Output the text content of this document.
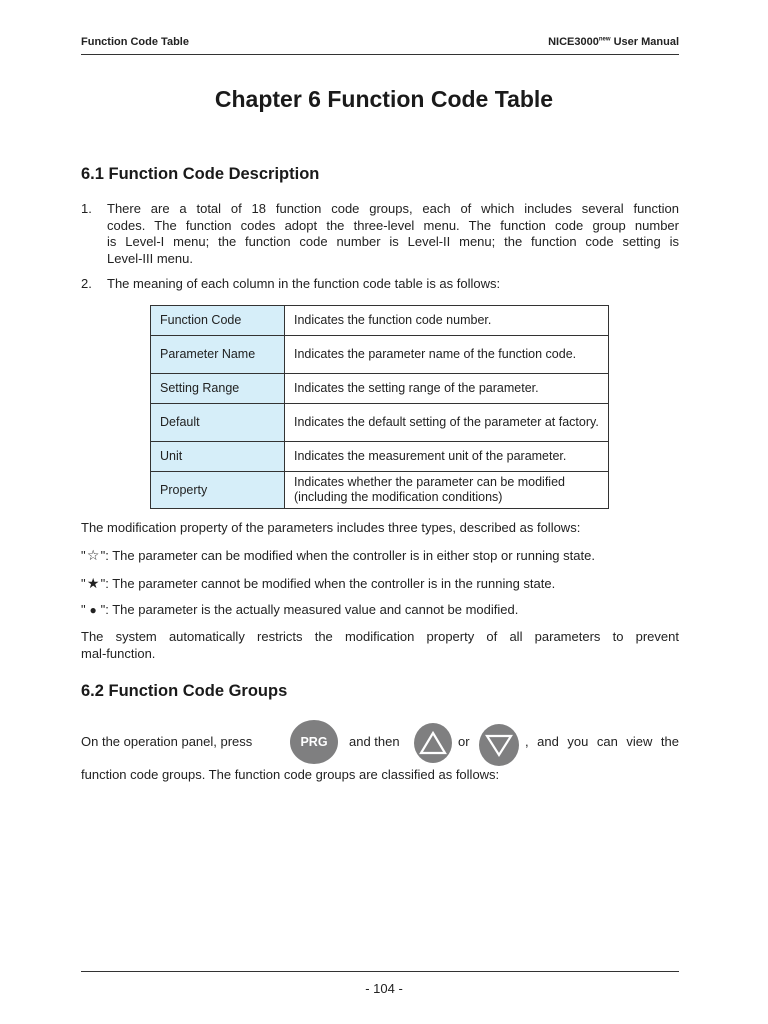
Function Code Table	$NICE3000^{new}$ User Manual
Chapter 6 Function Code Table
6.1 Function Code Description
1. There are a total of 18 function code groups, each of which includes several function
codes. The function codes adopt the three-level menu. The function code group number
is Level-I menu; the function code number is Level-II menu; the function code setting is
Level-III menu.
2. The meaning of each column in the function code table is as follows:
Function Code	Indicates the function code number.
Parameter Name	Indicates the parameter name of the function code.
Setting Range	Indicates the setting range of the parameter.
Default	Indicates the default setting of the parameter at factory.
Unit	Indicates the measurement unit of the parameter.
Property	Indicates whether the parameter can be modified (including the modification conditions)
The modification property of the parameters includes three types, described as follows:
"☆": The parameter can be modified when the controller is in either stop or running state.
"★": The parameter cannot be modified when the controller is in the running state.
" ● ": The parameter is the actually measured value and cannot be modified.
The system automatically restricts the modification property of all parameters to prevent
mal-function.
6.2 Function Code Groups
On the operation panel, press	PRG and then	or	, and you can view the
function code groups. The function code groups are classified as follows:
- 104 -
